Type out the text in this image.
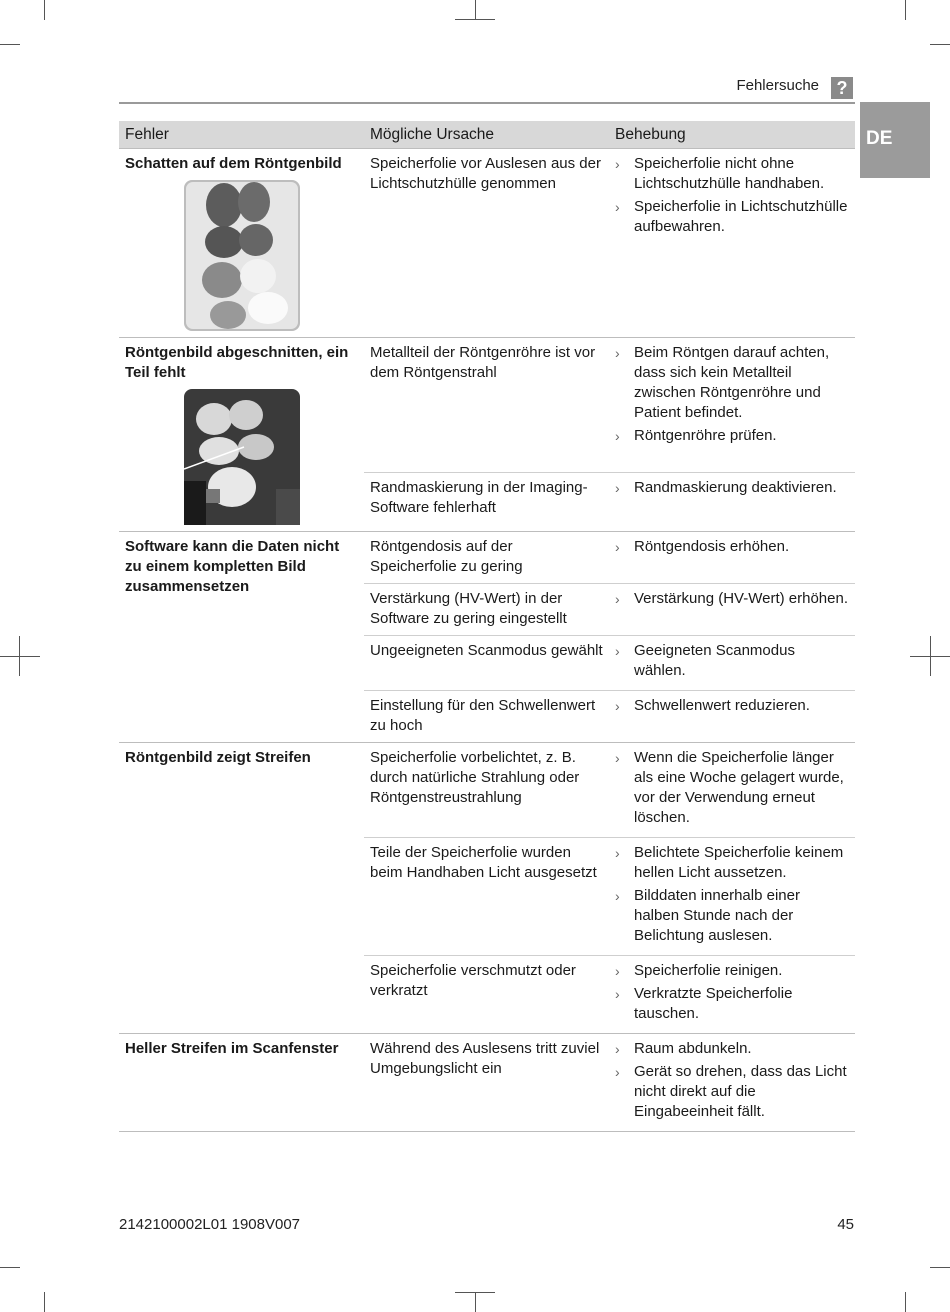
Fehlersuche ?
DE
Fehler	Mögliche Ursache	Behebung

Schatten auf dem Röntgenbild	Speicherfolie vor Auslesen aus der Lichtschutzhülle genommen	› Speicherfolie nicht ohne Lichtschutzhülle handhaben.
› Speicherfolie in Lichtschutzhülle aufbewahren.

Röntgenbild abgeschnitten, ein Teil fehlt	Metallteil der Röntgenröhre ist vor dem Röntgenstrahl	› Beim Röntgen darauf achten, dass sich kein Metallteil zwischen Röntgenröhre und Patient befindet.
› Röntgenröhre prüfen.

	Randmaskierung in der Imaging-Software fehlerhaft	› Randmaskierung deaktivieren.

Software kann die Daten nicht zu einem kompletten Bild zusammensetzen	Röntgendosis auf der Speicherfolie zu gering	› Röntgendosis erhöhen.

	Verstärkung (HV-Wert) in der Software zu gering eingestellt	› Verstärkung (HV-Wert) erhöhen.

	Ungeeigneten Scanmodus gewählt	› Geeigneten Scanmodus wählen.

	Einstellung für den Schwellenwert zu hoch	› Schwellenwert reduzieren.

Röntgenbild zeigt Streifen	Speicherfolie vorbelichtet, z. B. durch natürliche Strahlung oder Röntgenstreustrahlung	› Wenn die Speicherfolie länger als eine Woche gelagert wurde, vor der Verwendung erneut löschen.

	Teile der Speicherfolie wurden beim Handhaben Licht ausgesetzt	› Belichtete Speicherfolie keinem hellen Licht aussetzen.
› Bilddaten innerhalb einer halben Stunde nach der Belichtung auslesen.

	Speicherfolie verschmutzt oder verkratzt	› Speicherfolie reinigen.
› Verkratzte Speicherfolie tauschen.

Heller Streifen im Scanfenster	Während des Auslesens tritt zuviel Umgebungslicht ein	› Raum abdunkeln.
› Gerät so drehen, dass das Licht nicht direkt auf die Eingabeeinheit fällt.
2142100002L01 1908V007	45
